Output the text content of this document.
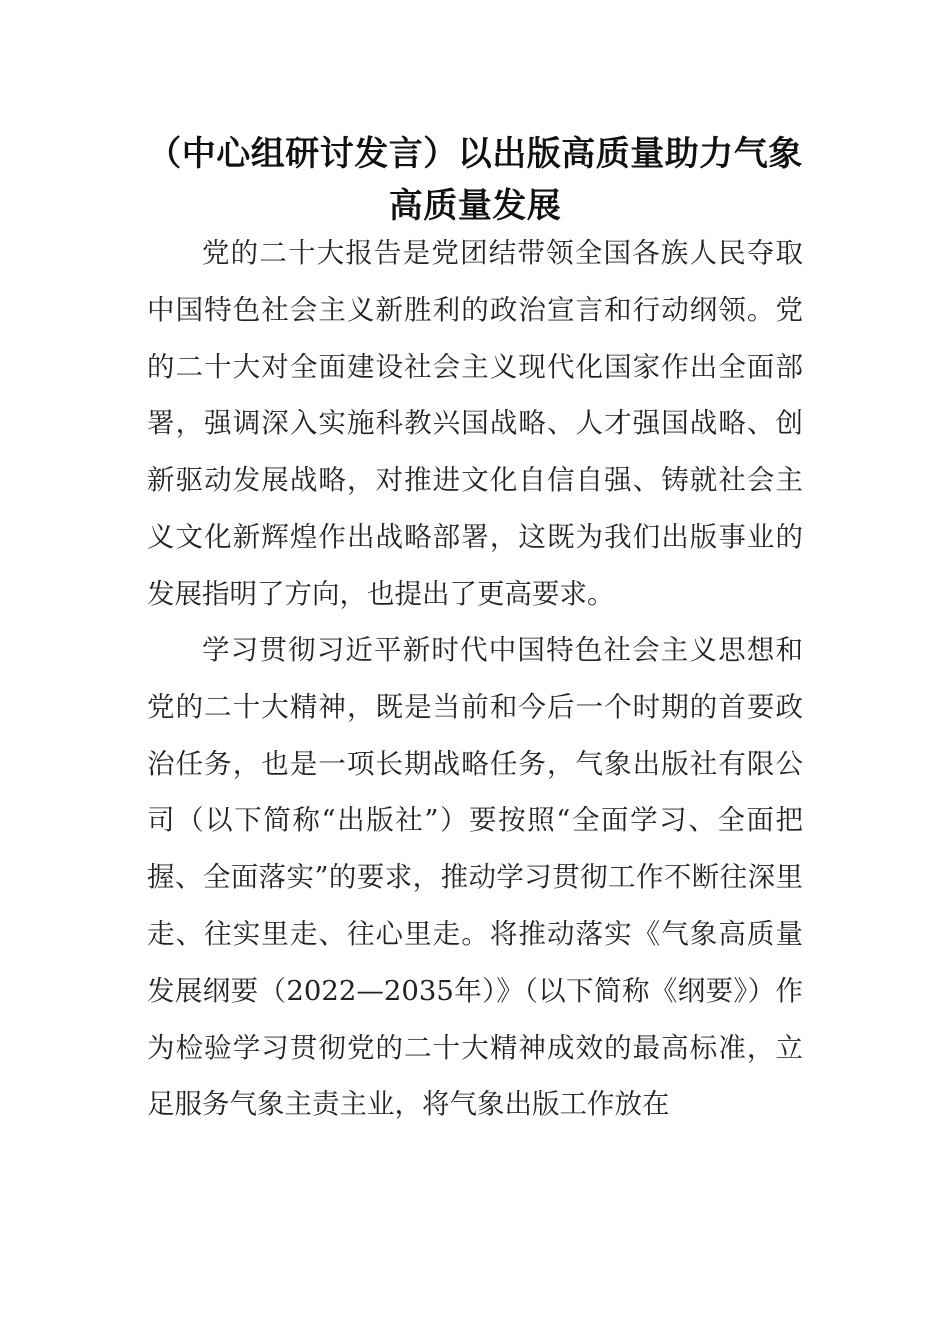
（中心组研讨发言）以出版高质量助力气象高质量发展

党的二十大报告是党团结带领全国各族人民夺取中国特色社会主义新胜利的政治宣言和行动纲领。党的二十大对全面建设社会主义现代化国家作出全面部署，强调深入实施科教兴国战略、人才强国战略、创新驱动发展战略，对推进文化自信自强、铸就社会主义文化新辉煌作出战略部署，这既为我们出版事业的发展指明了方向，也提出了更高要求。

学习贯彻习近平新时代中国特色社会主义思想和党的二十大精神，既是当前和今后一个时期的首要政治任务，也是一项长期战略任务，气象出版社有限公司（以下简称“出版社”）要按照“全面学习、全面把握、全面落实”的要求，推动学习贯彻工作不断往深里走、往实里走、往心里走。将推动落实《气象高质量发展纲要（2022—2035年）》（以下简称《纲要》）作为检验学习贯彻党的二十大精神成效的最高标准，立足服务气象主责主业，将气象出版工作放在
